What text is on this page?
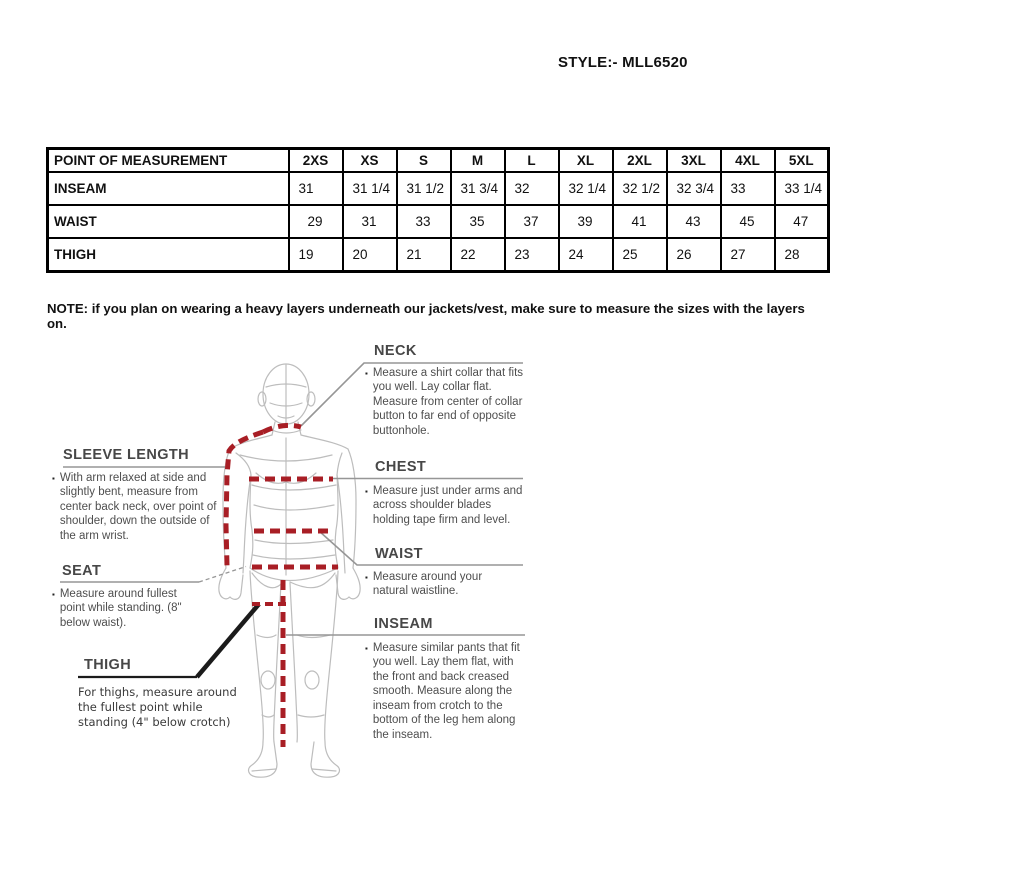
STYLE:- MLL6520
POINT OF MEASUREMENT	2XS	XS	S	M	L	XL	2XL	3XL	4XL	5XL
INSEAM	31	31 1/4	31 1/2	31 3/4	32	32 1/4	32 1/2	32 3/4	33	33 1/4
WAIST	29	31	33	35	37	39	41	43	45	47
THIGH	19	20	21	22	23	24	25	26	27	28
NOTE: if you plan on wearing a heavy layers underneath our jackets/vest, make sure to measure the sizes with the layers on.
NECK
▪ Measure a shirt collar that fits you well. Lay collar flat. Measure from center of collar button to far end of opposite buttonhole.

CHEST
▪ Measure just under arms and across shoulder blades holding tape firm and level.

WAIST
▪ Measure around your natural waistline.

INSEAM
▪ Measure similar pants that fit you well. Lay them flat, with the front and back creased smooth. Measure along the inseam from crotch to the bottom of the leg hem along the inseam.

SLEEVE LENGTH
▪ With arm relaxed at side and slightly bent, measure from center back neck, over point of shoulder, down the outside of the arm wrist.

SEAT
▪ Measure around fullest point while standing. (8" below waist).

THIGH
For thighs, measure around the fullest point while standing (4" below crotch)
